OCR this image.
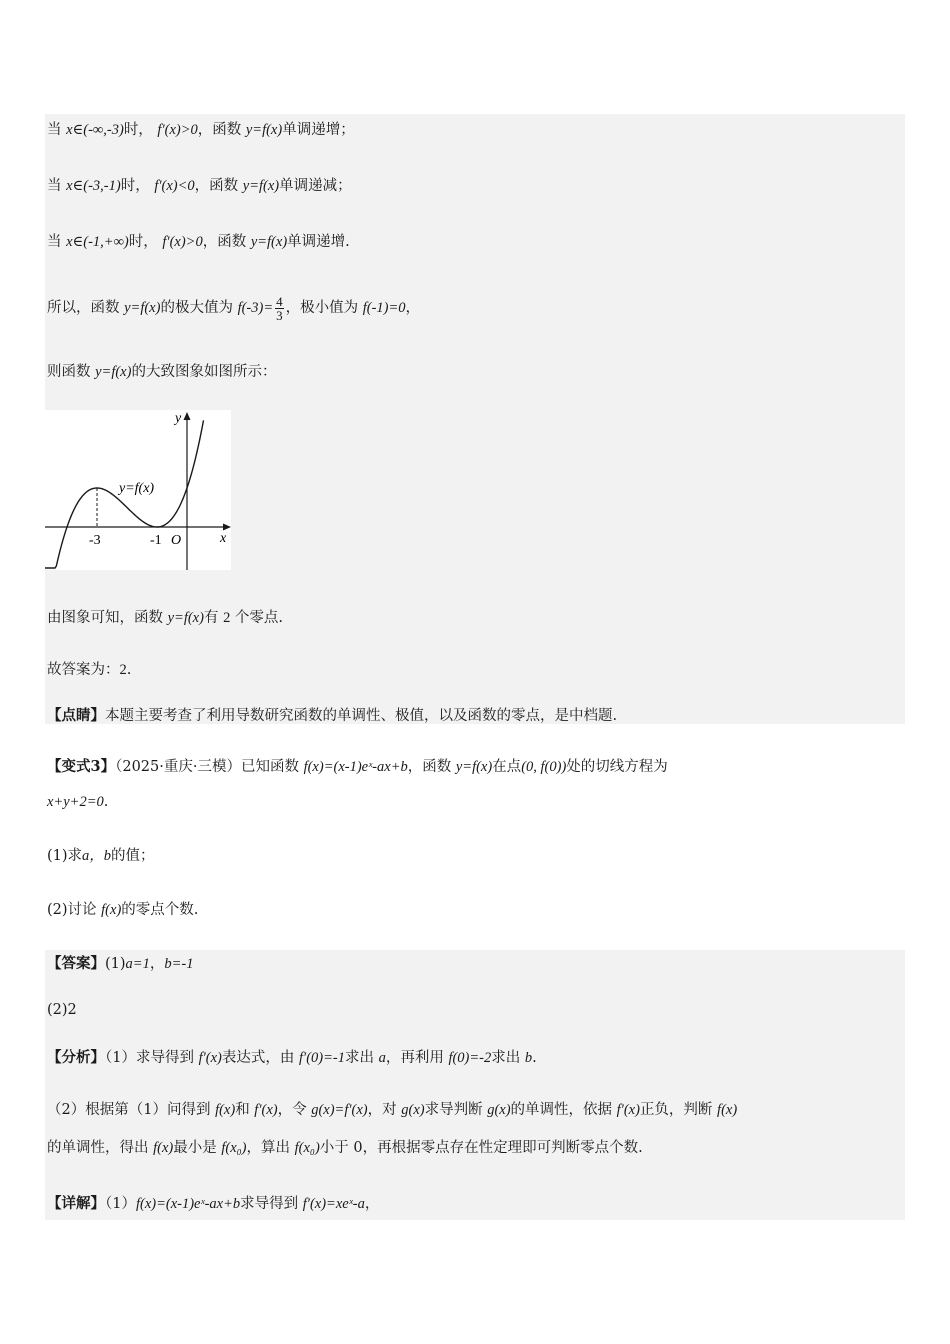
当 x∈(-∞,-3)时， f′(x)>0，函数 y=f(x)单调递增；
当 x∈(-3,-1)时， f′(x)<0，函数 y=f(x)单调递减；
当 x∈(-1,+∞)时， f′(x)>0，函数 y=f(x)单调递增.
所以，函数 y=f(x)的极大值为 $f(-3)= \frac{4}{3}$ ，极小值为 f(-1)=0，
则函数 y=f(x)的大致图象如图所示：
y
x
y=f(x)
O
-3	-1
由图象可知，函数 y=f(x)有 2 个零点.
故答案为：2.
【点睛】本题主要考查了利用导数研究函数的单调性、极值，以及函数的零点，是中档题.
【变式3】（2025·重庆·三模）已知函数 f(x)=(x-1)eˣ-ax+b，函数 y=f(x)在点(0, f(0))处的切线方程为
x+y+2=0.
(1)求a，b的值；
(2)讨论 f(x)的零点个数.
【答案】(1)a=1，b=-1
(2)2
【分析】（1）求导得到 f′(x)表达式，由 f′(0)=-1求出 a，再利用 f(0)=-2求出 b.
（2）根据第（1）问得到 f(x)和 f′(x)，令 g(x)=f′(x)，对 g(x)求导判断 g(x)的单调性，依据 f′(x)正负，判断 f(x)
的单调性，得出 f(x)最小是 f(x₀)，算出 f(x₀)小于 0，再根据零点存在性定理即可判断零点个数.
【详解】（1）f(x)=(x-1)eˣ-ax+b求导得到 f′(x)=xeˣ-a，
